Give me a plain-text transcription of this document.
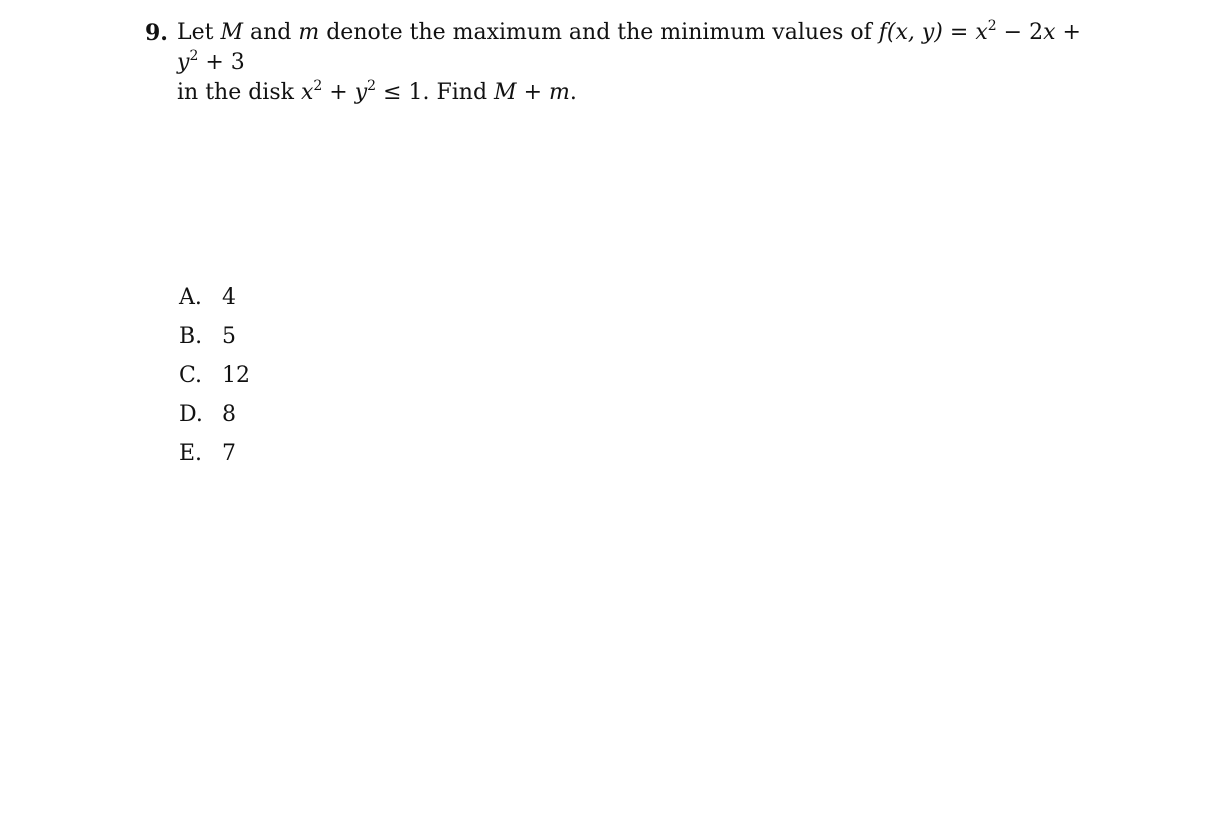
9. Let M and m denote the maximum and the minimum values of f(x, $y) = x^2 - 2x + y^2 + 3$
in the disk $x^2 + y^2 \le 1$. Find M + m.
A. 4
B. 5
C. 12
D. 8
E. 7
